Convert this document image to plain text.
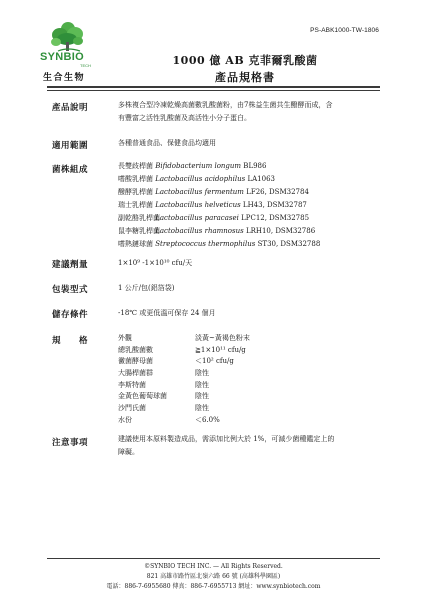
PS-ABK1000-TW-1806
SYNBIO
TECH
生合生物
1000 億 AB 克菲爾乳酸菌
產品規格書
產品說明	多株複合型冷凍乾燥高菌數乳酸菌粉，由7株益生菌共生醱酵而成，含
有豐富之活性乳酸菌及高活性小分子蛋白。
適用範圍	各種普通食品、保健食品均適用
菌株組成	長雙歧桿菌 Bifidobacterium longum BL986
嗜酸乳桿菌 Lactobacillus acidophilus LA1063
醱酵乳桿菌 Lactobacillus fermentum LF26, DSM32784
瑞士乳桿菌 Lactobacillus helveticus LH43, DSM32787
副乾酪乳桿菌 Lactobacillus paracasei LPC12, DSM32785
鼠李糖乳桿菌 Lactobacillus rhamnosus LRH10, DSM32786
嗜熱鏈球菌 Streptococcus thermophilus ST30, DSM32788
建議劑量	1×10⁹ -1×10¹⁰ cfu/天
包裝型式	1 公斤/包(鋁箔袋)
儲存條件	-18℃ 或更低溫可保存 24 個月
規　　格	外觀	淡黃~黃褐色粉末
總乳酸菌數	≧1×10¹¹ cfu/g
黴菌酵母菌	＜10² cfu/g
大腸桿菌群	陰性
李斯特菌	陰性
金黃色葡萄球菌	陰性
沙門氏菌	陰性
水份	＜6.0%
注意事項	建議使用本原料製造成品，需添加比例大於 1%，可減少菌種鑑定上的
障礙。
©SYNBIO TECH INC. — All Rights Reserved.
821 高雄市路竹區北嶺六路 66 號 (高雄科學園區)
電話：886-7-6955680 傳真：886-7-6955713 網址：www.synbiotech.com
